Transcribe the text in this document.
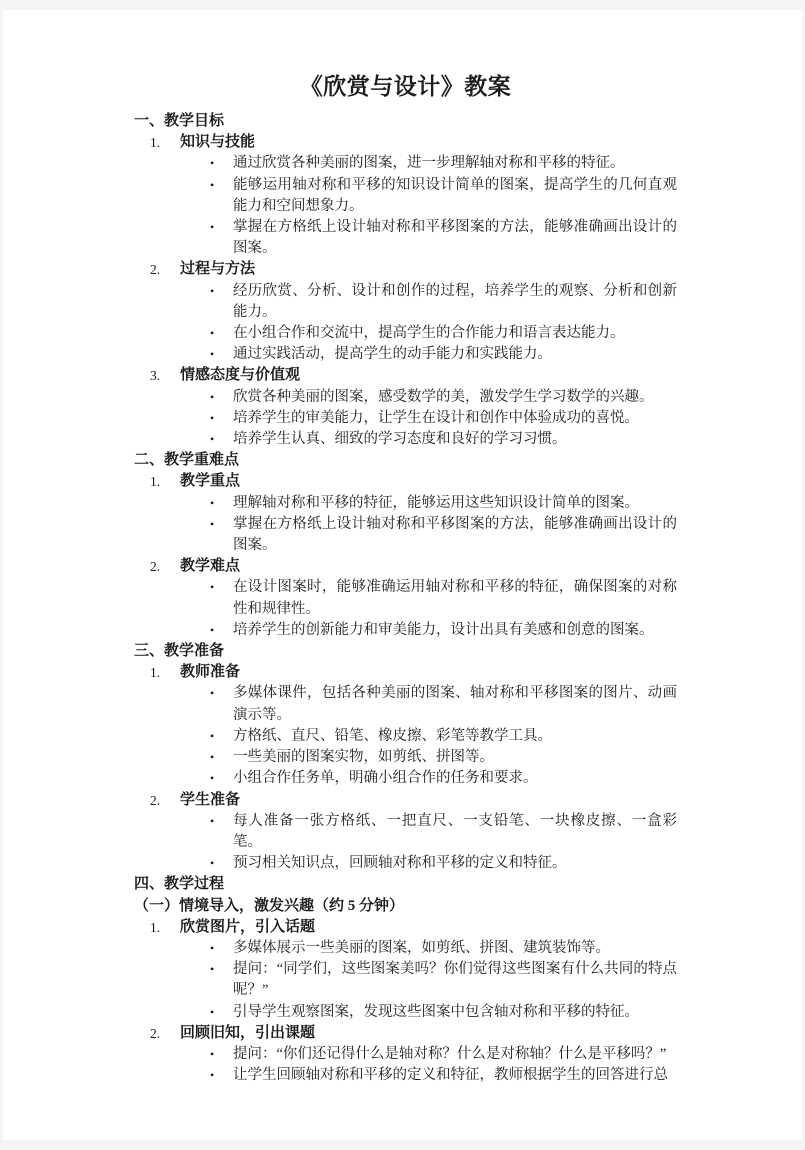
《欣赏与设计》教案
一、教学目标
1.	知识与技能
•	通过欣赏各种美丽的图案，进一步理解轴对称和平移的特征。
•	能够运用轴对称和平移的知识设计简单的图案，提高学生的几何直观能力和空间想象力。
•	掌握在方格纸上设计轴对称和平移图案的方法，能够准确画出设计的图案。
2.	过程与方法
•	经历欣赏、分析、设计和创作的过程，培养学生的观察、分析和创新能力。
•	在小组合作和交流中，提高学生的合作能力和语言表达能力。
•	通过实践活动，提高学生的动手能力和实践能力。
3.	情感态度与价值观
•	欣赏各种美丽的图案，感受数学的美，激发学生学习数学的兴趣。
•	培养学生的审美能力，让学生在设计和创作中体验成功的喜悦。
•	培养学生认真、细致的学习态度和良好的学习习惯。
二、教学重难点
1.	教学重点
•	理解轴对称和平移的特征，能够运用这些知识设计简单的图案。
•	掌握在方格纸上设计轴对称和平移图案的方法，能够准确画出设计的图案。
2.	教学难点
•	在设计图案时，能够准确运用轴对称和平移的特征，确保图案的对称性和规律性。
•	培养学生的创新能力和审美能力，设计出具有美感和创意的图案。
三、教学准备
1.	教师准备
•	多媒体课件，包括各种美丽的图案、轴对称和平移图案的图片、动画演示等。
•	方格纸、直尺、铅笔、橡皮擦、彩笔等教学工具。
•	一些美丽的图案实物，如剪纸、拼图等。
•	小组合作任务单，明确小组合作的任务和要求。
2.	学生准备
•	每人准备一张方格纸、一把直尺、一支铅笔、一块橡皮擦、一盒彩笔。
•	预习相关知识点，回顾轴对称和平移的定义和特征。
四、教学过程
（一）情境导入，激发兴趣（约 5 分钟）
1.	欣赏图片，引入话题
•	多媒体展示一些美丽的图案，如剪纸、拼图、建筑装饰等。
•	提问：“同学们，这些图案美吗？你们觉得这些图案有什么共同的特点呢？”
•	引导学生观察图案，发现这些图案中包含轴对称和平移的特征。
2.	回顾旧知，引出课题
•	提问：“你们还记得什么是轴对称？什么是对称轴？什么是平移吗？”
•	让学生回顾轴对称和平移的定义和特征，教师根据学生的回答进行总
